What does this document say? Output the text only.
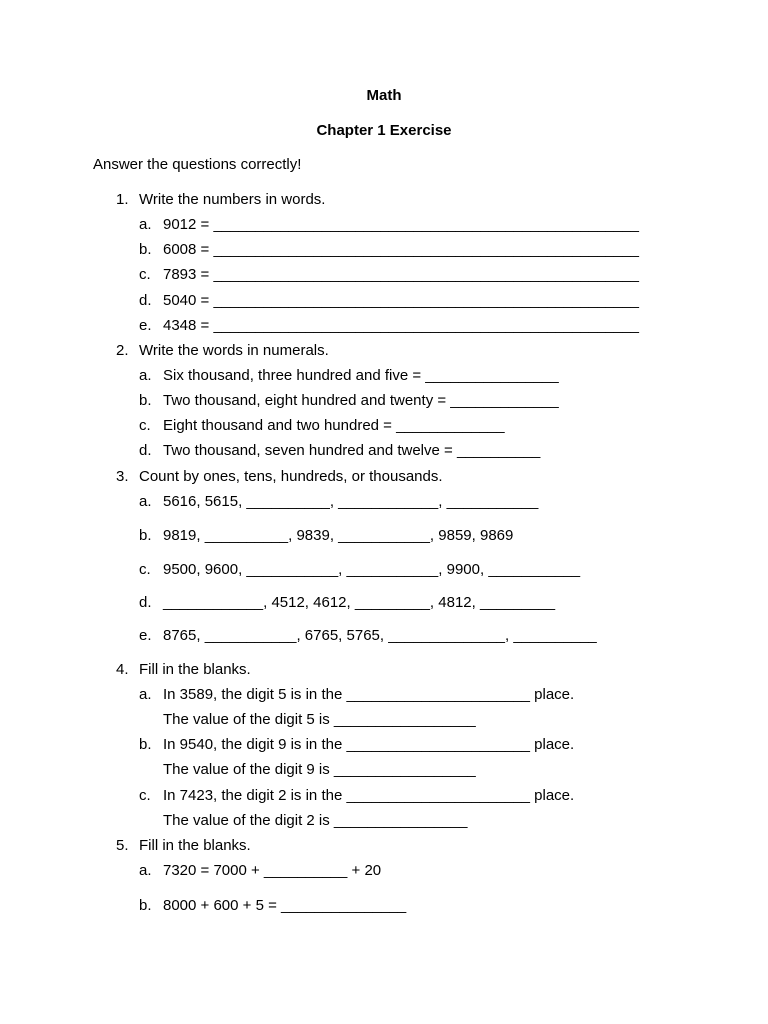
Math
Chapter 1 Exercise
Answer the questions correctly!
1. Write the numbers in words.
a. 9012 = ___________________________________________________
b. 6008 = ___________________________________________________
c. 7893 = ___________________________________________________
d. 5040 = ___________________________________________________
e. 4348 = ___________________________________________________
2. Write the words in numerals.
a. Six thousand, three hundred and five = ________________
b. Two thousand, eight hundred and twenty = _____________
c. Eight thousand and two hundred = _____________
d. Two thousand, seven hundred and twelve = __________
3. Count by ones, tens, hundreds, or thousands.
a. 5616, 5615, __________, ____________, ___________
b. 9819, __________, 9839, ___________, 9859, 9869
c. 9500, 9600, ___________, ___________, 9900, ___________
d. ____________, 4512, 4612, _________, 4812, _________
e. 8765, ___________, 6765, 5765, ______________, __________
4. Fill in the blanks.
a. In 3589, the digit 5 is in the ______________________ place.
The value of the digit 5 is _________________
b. In 9540, the digit 9 is in the ______________________ place.
The value of the digit 9 is _________________
c. In 7423, the digit 2 is in the ______________________ place.
The value of the digit 2 is ________________
5. Fill in the blanks.
a. 7320 = 7000 + __________ + 20
b. 8000 + 600 + 5 = _______________
